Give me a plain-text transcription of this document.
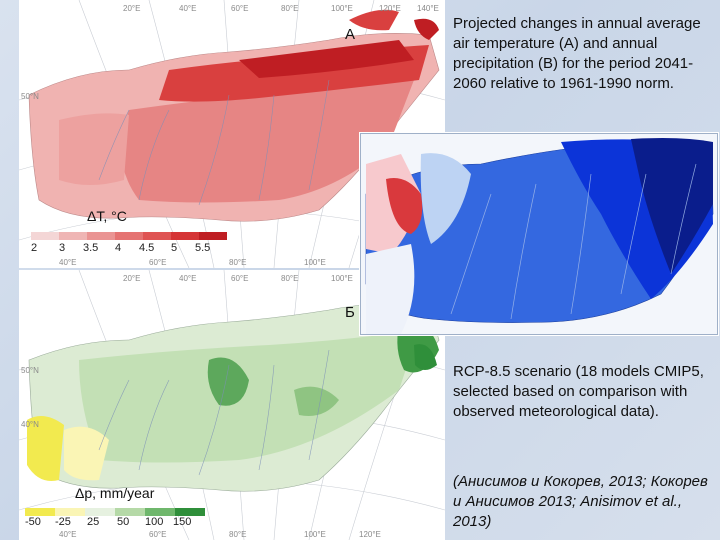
20°E	40°E	60°E	80°E	100°E	120°E 140°E
50°N
40°E	60°E	80°E	100°E
A
ΔT, °C
2 3 3.5 4 4.5 5 5.5
20°E	40°E	60°E	80°E	100°E
50°N
40°N
40°E	60°E	80°E	100°E	120°E
Б
Δp, mm/year
-50 -25 25 50 100 150
Projected changes in annual average air temperature (A) and annual precipitation (B) for the period 2041-2060 relative to 1961-1990 norm.
RCP-8.5 scenario (18 models CMIP5, selected based on comparison with observed meteorological data).
(Анисимов и Кокорев, 2013; Кокорев и Анисимов 2013; Anisimov et al., 2013)
